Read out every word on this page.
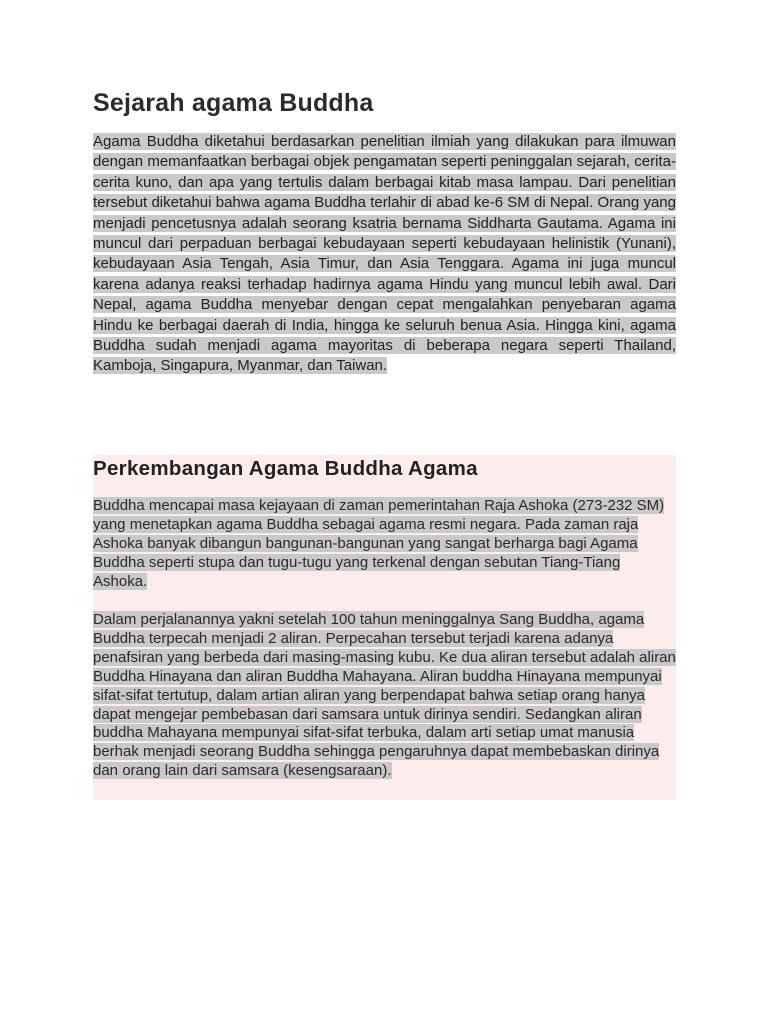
Sejarah agama Buddha

Agama Buddha diketahui berdasarkan penelitian ilmiah yang dilakukan para ilmuwan dengan memanfaatkan berbagai objek pengamatan seperti peninggalan sejarah, cerita-cerita kuno, dan apa yang tertulis dalam berbagai kitab masa lampau. Dari penelitian tersebut diketahui bahwa agama Buddha terlahir di abad ke-6 SM di Nepal. Orang yang menjadi pencetusnya adalah seorang ksatria bernama Siddharta Gautama. Agama ini muncul dari perpaduan berbagai kebudayaan seperti kebudayaan helinistik (Yunani), kebudayaan Asia Tengah, Asia Timur, dan Asia Tenggara. Agama ini juga muncul karena adanya reaksi terhadap hadirnya agama Hindu yang muncul lebih awal. Dari Nepal, agama Buddha menyebar dengan cepat mengalahkan penyebaran agama Hindu ke berbagai daerah di India, hingga ke seluruh benua Asia. Hingga kini, agama Buddha sudah menjadi agama mayoritas di beberapa negara seperti Thailand, Kamboja, Singapura, Myanmar, dan Taiwan.

Perkembangan Agama Buddha Agama

Buddha mencapai masa kejayaan di zaman pemerintahan Raja Ashoka (273-232 SM) yang menetapkan agama Buddha sebagai agama resmi negara. Pada zaman raja Ashoka banyak dibangun bangunan-bangunan yang sangat berharga bagi Agama Buddha seperti stupa dan tugu-tugu yang terkenal dengan sebutan Tiang-Tiang Ashoka.

Dalam perjalanannya yakni setelah 100 tahun meninggalnya Sang Buddha, agama Buddha terpecah menjadi 2 aliran. Perpecahan tersebut terjadi karena adanya penafsiran yang berbeda dari masing-masing kubu. Ke dua aliran tersebut adalah aliran Buddha Hinayana dan aliran Buddha Mahayana. Aliran buddha Hinayana mempunyai sifat-sifat tertutup, dalam artian aliran yang berpendapat bahwa setiap orang hanya dapat mengejar pembebasan dari samsara untuk dirinya sendiri. Sedangkan aliran buddha Mahayana mempunyai sifat-sifat terbuka, dalam arti setiap umat manusia berhak menjadi seorang Buddha sehingga pengaruhnya dapat membebaskan dirinya dan orang lain dari samsara (kesengsaraan).
